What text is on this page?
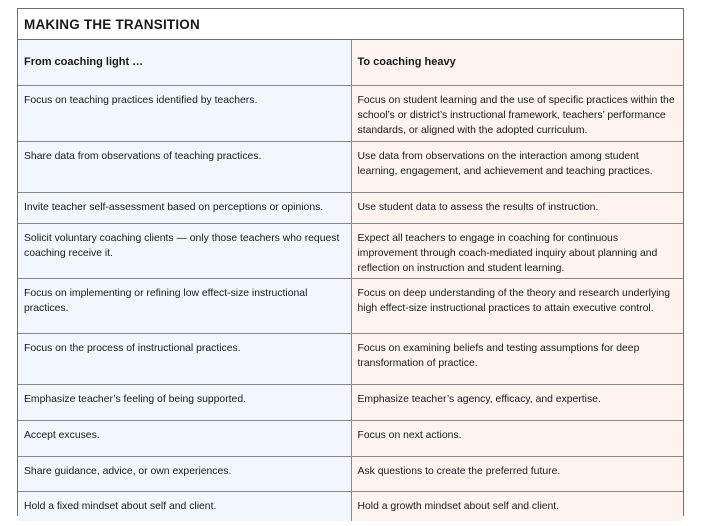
MAKING THE TRANSITION
From coaching light …	To coaching heavy
Focus on teaching practices identified by teachers.	Focus on student learning and the use of specific practices within the school’s or district’s instructional framework, teachers’ performance standards, or aligned with the adopted curriculum.
Share data from observations of teaching practices.	Use data from observations on the interaction among student learning, engagement, and achievement and teaching practices.
Invite teacher self-assessment based on perceptions or opinions.	Use student data to assess the results of instruction.
Solicit voluntary coaching clients — only those teachers who request coaching receive it.	Expect all teachers to engage in coaching for continuous improvement through coach-mediated inquiry about planning and reflection on instruction and student learning.
Focus on implementing or refining low effect-size instructional practices.	Focus on deep understanding of the theory and research underlying high effect-size instructional practices to attain executive control.
Focus on the process of instructional practices.	Focus on examining beliefs and testing assumptions for deep transformation of practice.
Emphasize teacher’s feeling of being supported.	Emphasize teacher’s agency, efficacy, and expertise.
Accept excuses.	Focus on next actions.
Share guidance, advice, or own experiences.	Ask questions to create the preferred future.
Hold a fixed mindset about self and client.	Hold a growth mindset about self and client.
